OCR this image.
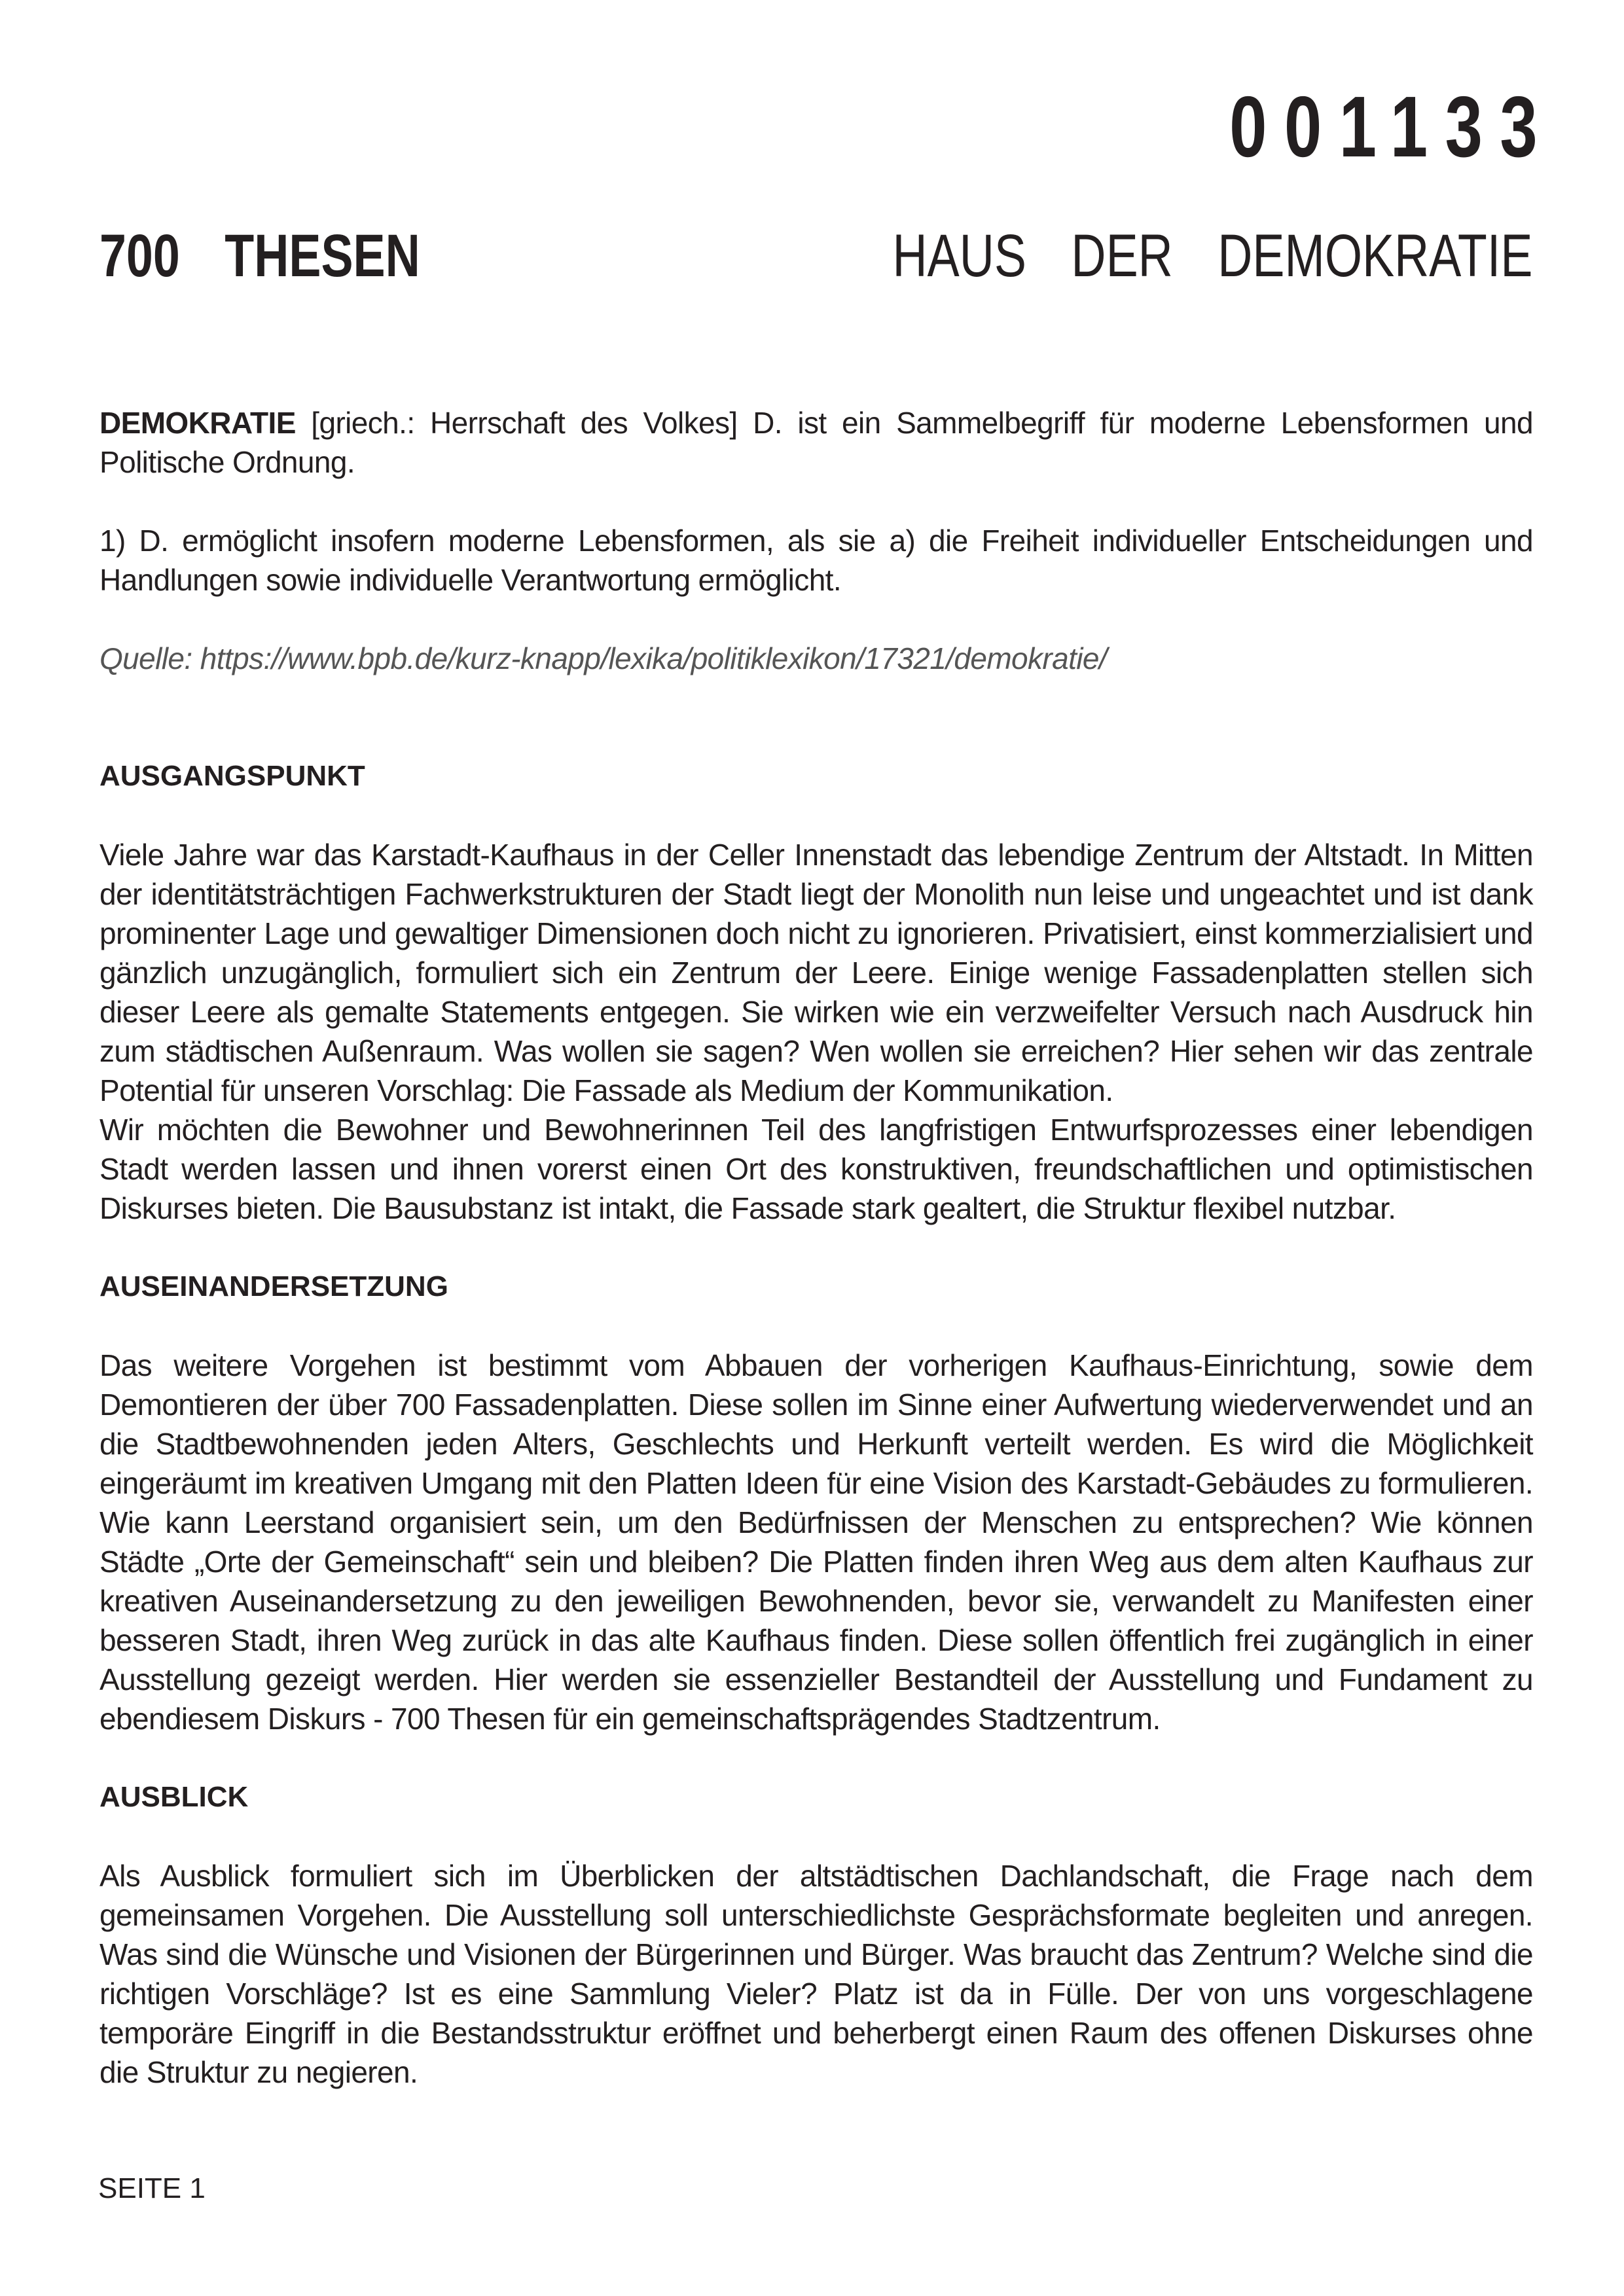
001133
700 THESEN	HAUS DER DEMOKRATIE

DEMOKRATIE [griech.: Herrschaft des Volkes] D. ist ein Sammelbegriff für moderne Lebensformen und Politische Ordnung.

1) D. ermöglicht insofern moderne Lebensformen, als sie a) die Freiheit individueller Entscheidungen und Handlungen sowie individuelle Verantwortung ermöglicht.

Quelle: https://www.bpb.de/kurz-knapp/lexika/politiklexikon/17321/demokratie/

AUSGANGSPUNKT

Viele Jahre war das Karstadt-Kaufhaus in der Celler Innenstadt das lebendige Zentrum der Altstadt. In Mitten der identitätsträchtigen Fachwerkstrukturen der Stadt liegt der Monolith nun leise und ungeachtet und ist dank prominenter Lage und gewaltiger Dimensionen doch nicht zu ignorieren. Privatisiert, einst kommerzialisiert und gänzlich unzugänglich, formuliert sich ein Zentrum der Leere. Einige wenige Fassadenplatten stellen sich dieser Leere als gemalte Statements entgegen. Sie wirken wie ein verzweifelter Versuch nach Ausdruck hin zum städtischen Außenraum. Was wollen sie sagen? Wen wollen sie erreichen? Hier sehen wir das zentrale Potential für unseren Vorschlag: Die Fassade als Medium der Kommunikation.

Wir möchten die Bewohner und Bewohnerinnen Teil des langfristigen Entwurfsprozesses einer lebendigen Stadt werden lassen und ihnen vorerst einen Ort des konstruktiven, freundschaftlichen und optimistischen Diskurses bieten. Die Bausubstanz ist intakt, die Fassade stark gealtert, die Struktur flexibel nutzbar.

AUSEINANDERSETZUNG

Das weitere Vorgehen ist bestimmt vom Abbauen der vorherigen Kaufhaus-Einrichtung, sowie dem Demontieren der über 700 Fassadenplatten. Diese sollen im Sinne einer Aufwertung wiederverwendet und an die Stadtbewohnenden jeden Alters, Geschlechts und Herkunft verteilt werden. Es wird die Möglichkeit eingeräumt im kreativen Umgang mit den Platten Ideen für eine Vision des Karstadt-Gebäudes zu formulieren. Wie kann Leerstand organisiert sein, um den Bedürfnissen der Menschen zu entsprechen? Wie können Städte „Orte der Gemeinschaft“ sein und bleiben? Die Platten finden ihren Weg aus dem alten Kaufhaus zur kreativen Auseinandersetzung zu den jeweiligen Bewohnenden, bevor sie, verwandelt zu Manifesten einer besseren Stadt, ihren Weg zurück in das alte Kaufhaus finden. Diese sollen öffentlich frei zugänglich in einer Ausstellung gezeigt werden. Hier werden sie essenzieller Bestandteil der Ausstellung und Fundament zu ebendiesem Diskurs - 700 Thesen für ein gemeinschaftsprägendes Stadtzentrum.

AUSBLICK

Als Ausblick formuliert sich im Überblicken der altstädtischen Dachlandschaft, die Frage nach dem gemeinsamen Vorgehen. Die Ausstellung soll unterschiedlichste Gesprächsformate begleiten und anregen. Was sind die Wünsche und Visionen der Bürgerinnen und Bürger. Was braucht das Zentrum? Welche sind die richtigen Vorschläge? Ist es eine Sammlung Vieler? Platz ist da in Fülle. Der von uns vorgeschlagene temporäre Eingriff in die Bestandsstruktur eröffnet und beherbergt einen Raum des offenen Diskurses ohne die Struktur zu negieren.

SEITE 1
